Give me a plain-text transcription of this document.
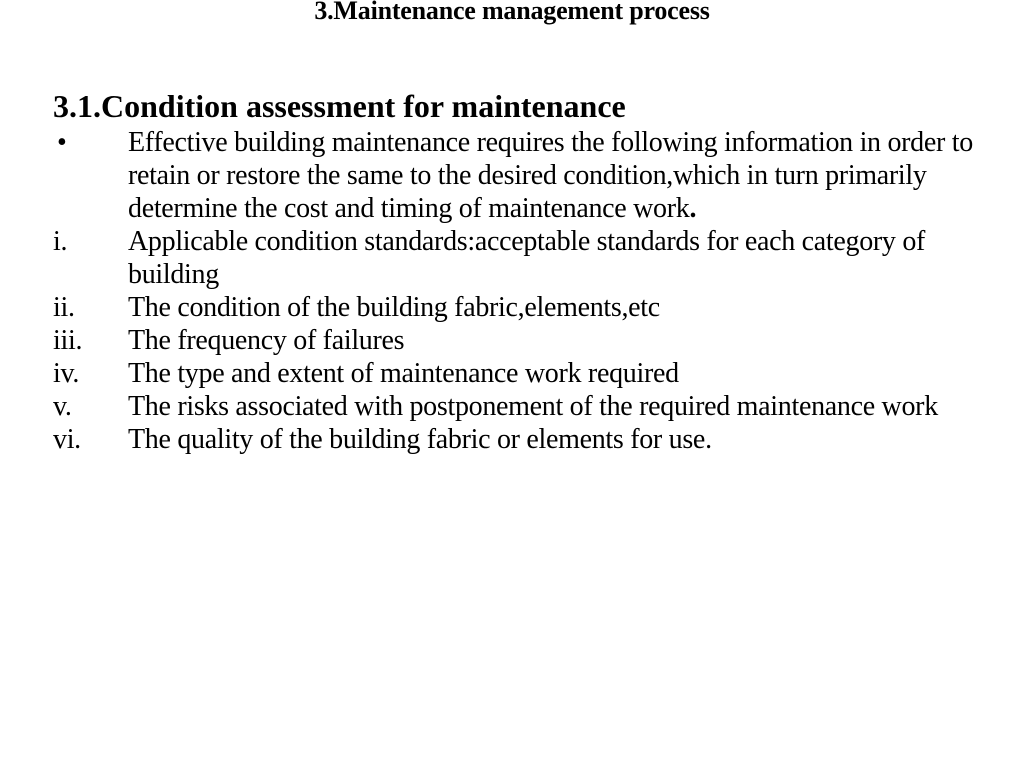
3.Maintenance management process
3.1.Condition assessment for maintenance
•	Effective building maintenance requires the following information in order to retain or restore the same to the desired condition,which in turn primarily determine the cost and timing of maintenance work.
i.	Applicable condition standards:acceptable standards for each category of building
ii.	The condition of the building fabric,elements,etc
iii.	The frequency of failures
iv.	The type and extent of maintenance work required
v.	The risks associated with postponement of the required maintenance work
vi.	The quality of the building fabric or elements for use.
